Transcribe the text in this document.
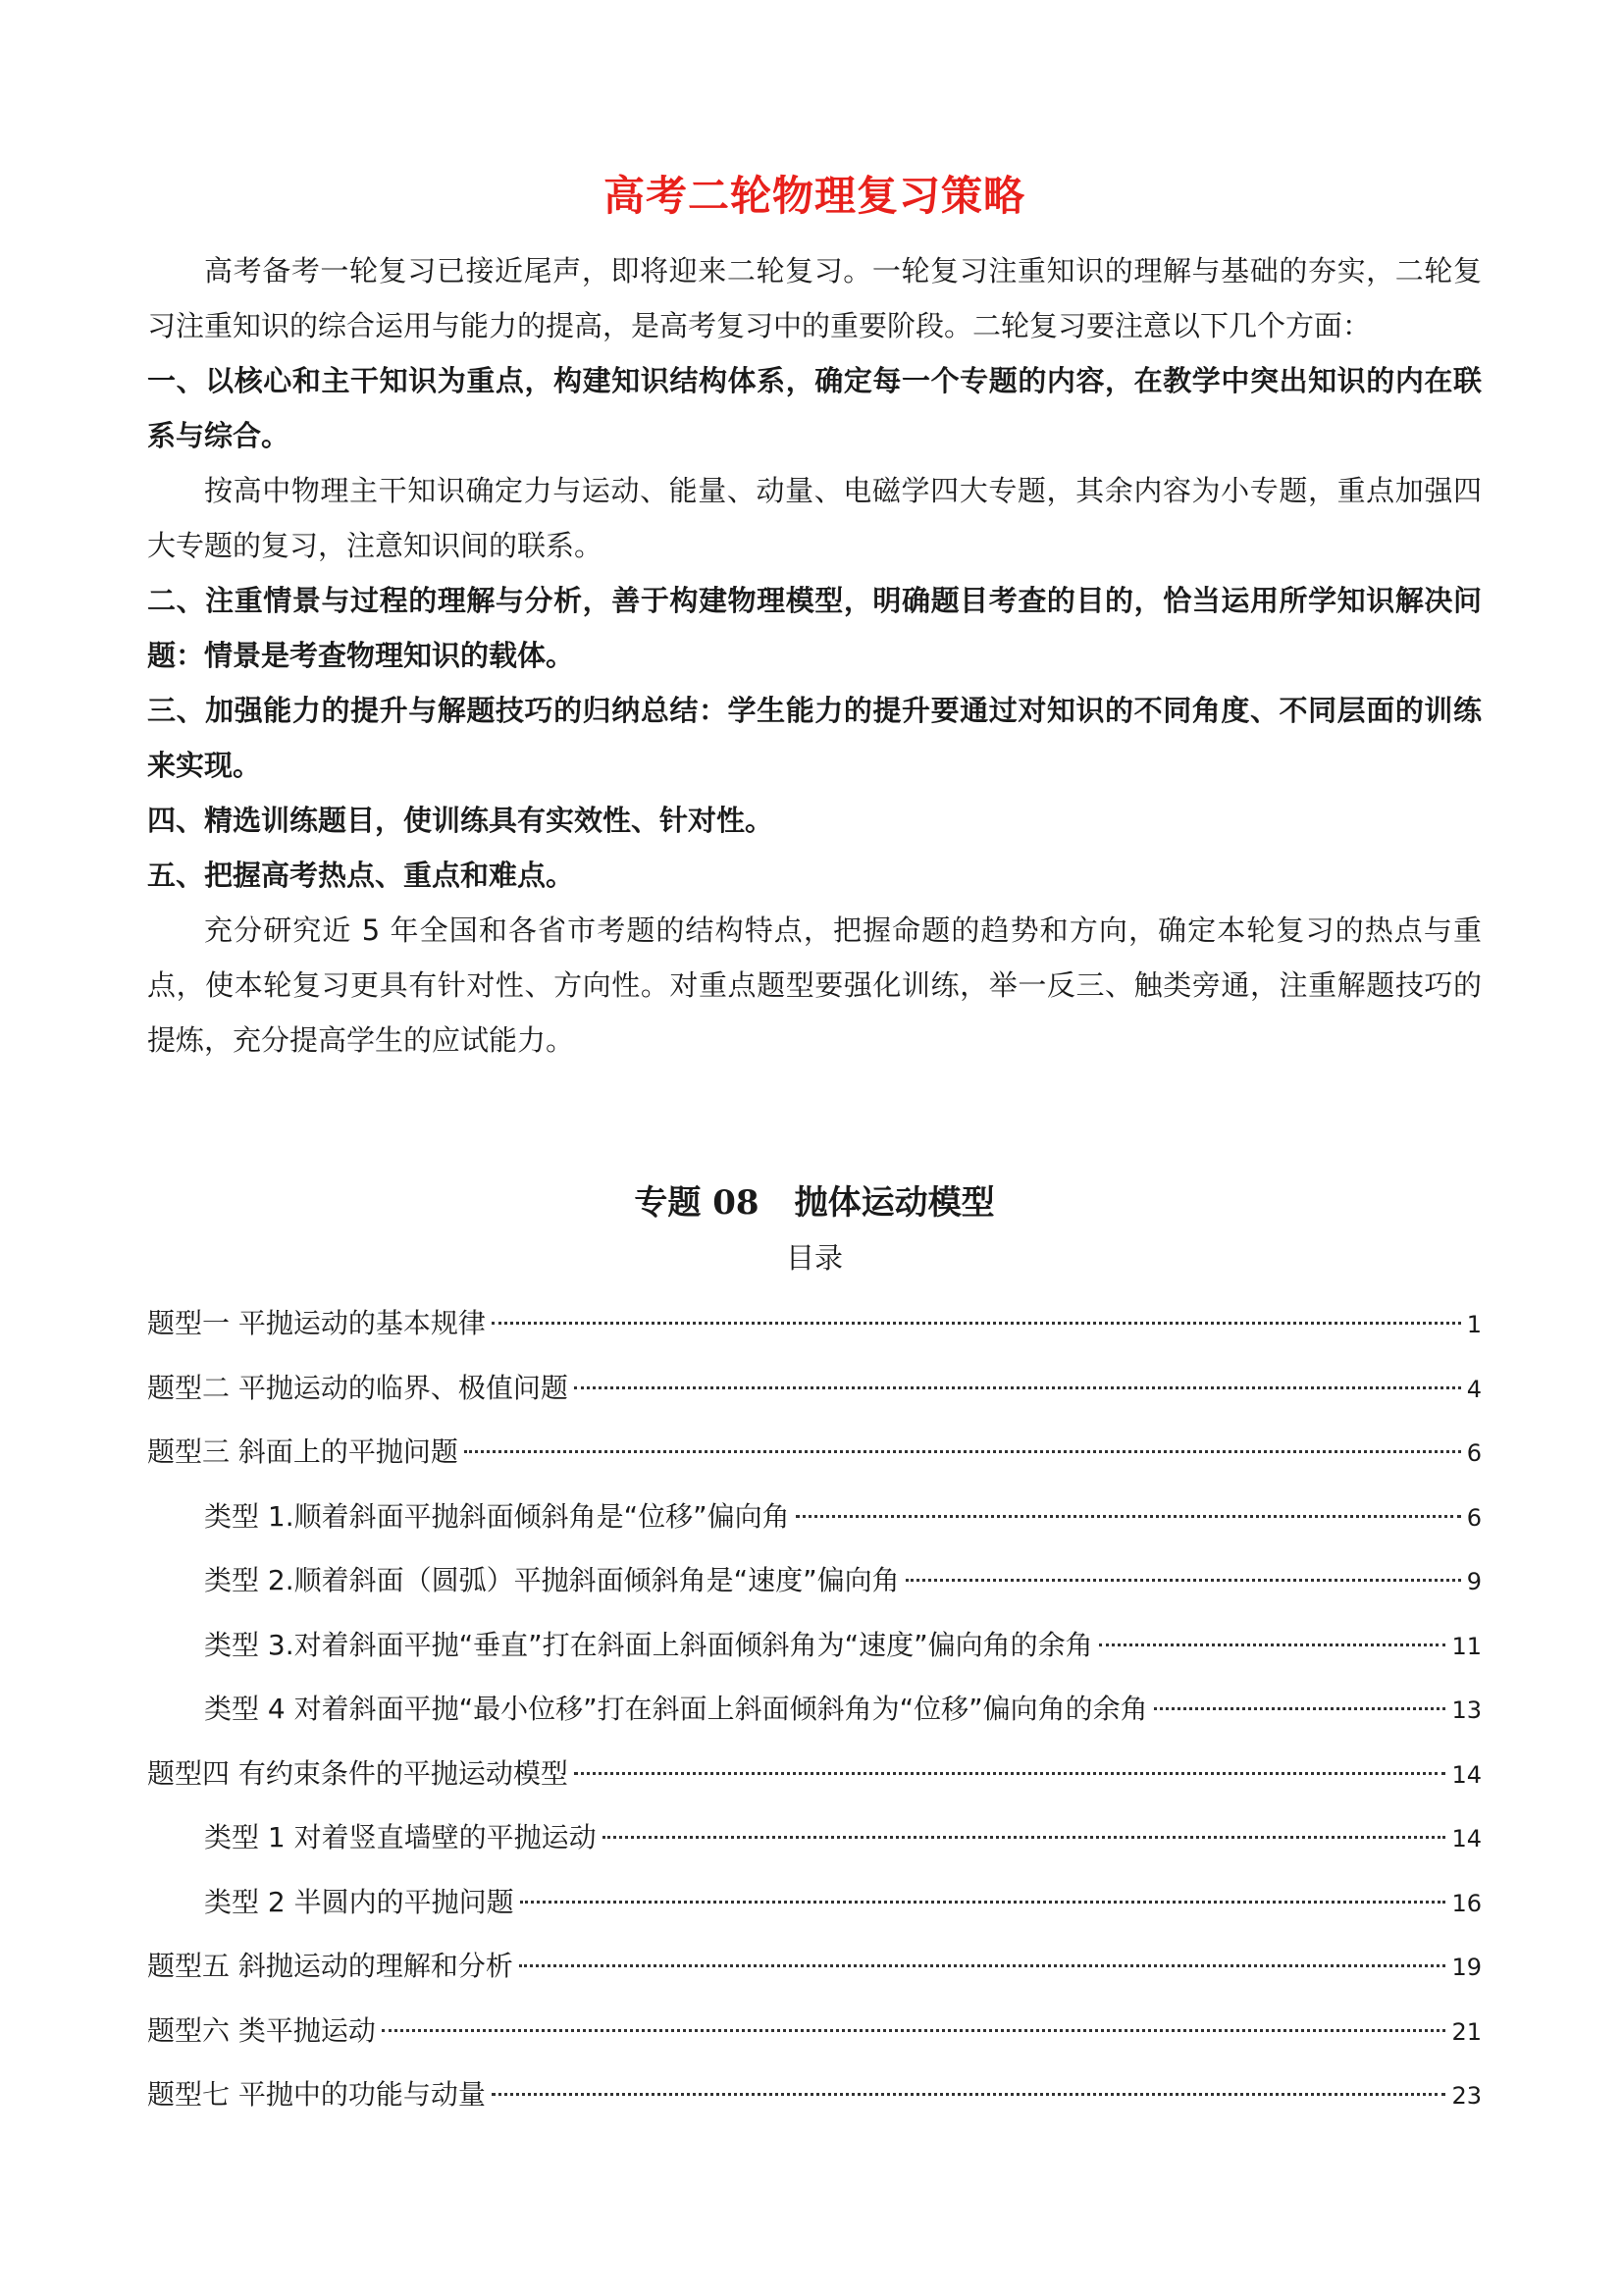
高考二轮物理复习策略

高考备考一轮复习已接近尾声，即将迎来二轮复习。一轮复习注重知识的理解与基础的夯实，二轮复习注重知识的综合运用与能力的提高，是高考复习中的重要阶段。二轮复习要注意以下几个方面：

一、以核心和主干知识为重点，构建知识结构体系，确定每一个专题的内容，在教学中突出知识的内在联系与综合。

按高中物理主干知识确定力与运动、能量、动量、电磁学四大专题，其余内容为小专题，重点加强四大专题的复习，注意知识间的联系。

二、注重情景与过程的理解与分析，善于构建物理模型，明确题目考查的目的，恰当运用所学知识解决问题：情景是考查物理知识的载体。

三、加强能力的提升与解题技巧的归纳总结：学生能力的提升要通过对知识的不同角度、不同层面的训练来实现。

四、精选训练题目，使训练具有实效性、针对性。

五、把握高考热点、重点和难点。

充分研究近 5 年全国和各省市考题的结构特点，把握命题的趋势和方向，确定本轮复习的热点与重点，使本轮复习更具有针对性、方向性。对重点题型要强化训练，举一反三、触类旁通，注重解题技巧的提炼，充分提高学生的应试能力。

专题 08 抛体运动模型
目录
题型一 平抛运动的基本规律	1
题型二 平抛运动的临界、极值问题	4
题型三 斜面上的平抛问题	6
类型 1.顺着斜面平抛斜面倾斜角是“位移”偏向角	6
类型 2.顺着斜面（圆弧）平抛斜面倾斜角是“速度”偏向角	9
类型 3.对着斜面平抛“垂直”打在斜面上斜面倾斜角为“速度”偏向角的余角	11
类型 4 对着斜面平抛“最小位移”打在斜面上斜面倾斜角为“位移”偏向角的余角	13
题型四 有约束条件的平抛运动模型	14
类型 1 对着竖直墙壁的平抛运动	14
类型 2 半圆内的平抛问题	16
题型五 斜抛运动的理解和分析	19
题型六 类平抛运动	21
题型七 平抛中的功能与动量	23
